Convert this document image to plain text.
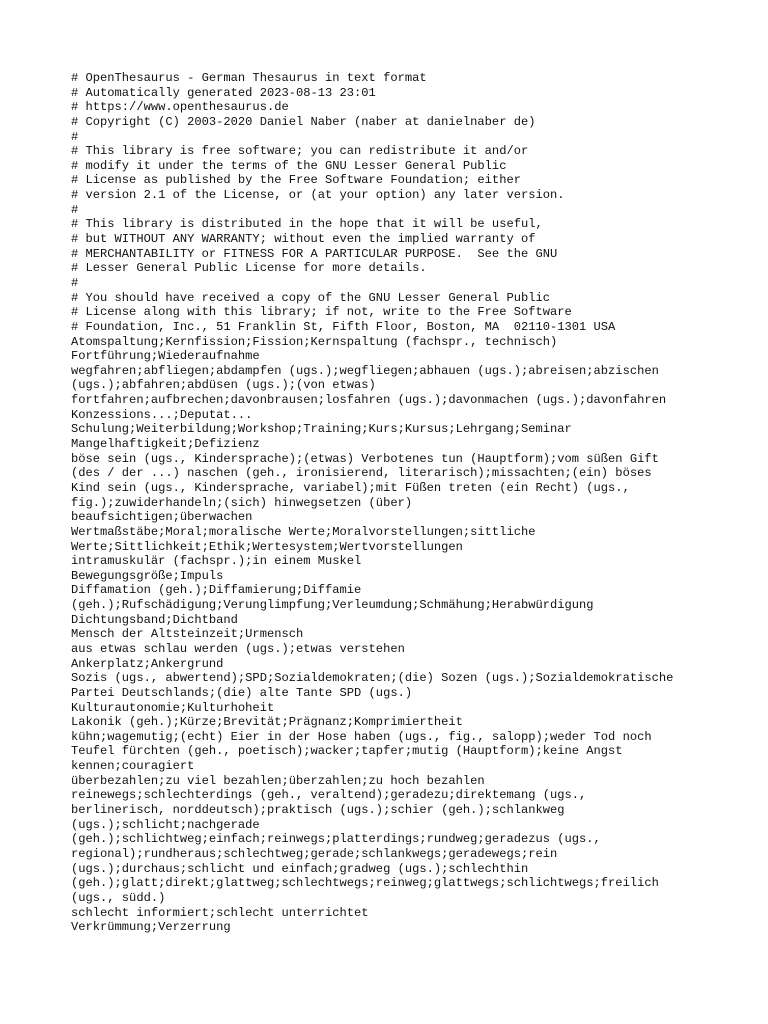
# OpenThesaurus - German Thesaurus in text format
# Automatically generated 2023-08-13 23:01
# https://www.openthesaurus.de
# Copyright (C) 2003-2020 Daniel Naber (naber at danielnaber de)
#
# This library is free software; you can redistribute it and/or
# modify it under the terms of the GNU Lesser General Public
# License as published by the Free Software Foundation; either
# version 2.1 of the License, or (at your option) any later version.
#
# This library is distributed in the hope that it will be useful,
# but WITHOUT ANY WARRANTY; without even the implied warranty of
# MERCHANTABILITY or FITNESS FOR A PARTICULAR PURPOSE.  See the GNU
# Lesser General Public License for more details.
#
# You should have received a copy of the GNU Lesser General Public
# License along with this library; if not, write to the Free Software
# Foundation, Inc., 51 Franklin St, Fifth Floor, Boston, MA  02110-1301 USA
Atomspaltung;Kernfission;Fission;Kernspaltung (fachspr., technisch)
Fortführung;Wiederaufnahme
wegfahren;abfliegen;abdampfen (ugs.);wegfliegen;abhauen (ugs.);abreisen;abzischen
(ugs.);abfahren;abdüsen (ugs.);(von etwas)
fortfahren;aufbrechen;davonbrausen;losfahren (ugs.);davonmachen (ugs.);davonfahren
Konzessions...;Deputat...
Schulung;Weiterbildung;Workshop;Training;Kurs;Kursus;Lehrgang;Seminar
Mangelhaftigkeit;Defizienz
böse sein (ugs., Kindersprache);(etwas) Verbotenes tun (Hauptform);vom süßen Gift
(des / der ...) naschen (geh., ironisierend, literarisch);missachten;(ein) böses
Kind sein (ugs., Kindersprache, variabel);mit Füßen treten (ein Recht) (ugs.,
fig.);zuwiderhandeln;(sich) hinwegsetzen (über)
beaufsichtigen;überwachen
Wertmaßstäbe;Moral;moralische Werte;Moralvorstellungen;sittliche
Werte;Sittlichkeit;Ethik;Wertesystem;Wertvorstellungen
intramuskulär (fachspr.);in einem Muskel
Bewegungsgröße;Impuls
Diffamation (geh.);Diffamierung;Diffamie
(geh.);Rufschädigung;Verunglimpfung;Verleumdung;Schmähung;Herabwürdigung
Dichtungsband;Dichtband
Mensch der Altsteinzeit;Urmensch
aus etwas schlau werden (ugs.);etwas verstehen
Ankerplatz;Ankergrund
Sozis (ugs., abwertend);SPD;Sozialdemokraten;(die) Sozen (ugs.);Sozialdemokratische
Partei Deutschlands;(die) alte Tante SPD (ugs.)
Kulturautonomie;Kulturhoheit
Lakonik (geh.);Kürze;Brevität;Prägnanz;Komprimiertheit
kühn;wagemutig;(echt) Eier in der Hose haben (ugs., fig., salopp);weder Tod noch
Teufel fürchten (geh., poetisch);wacker;tapfer;mutig (Hauptform);keine Angst
kennen;couragiert
überbezahlen;zu viel bezahlen;überzahlen;zu hoch bezahlen
reinewegs;schlechterdings (geh., veraltend);geradezu;direktemang (ugs.,
berlinerisch, norddeutsch);praktisch (ugs.);schier (geh.);schlankweg
(ugs.);schlicht;nachgerade
(geh.);schlichtweg;einfach;reinwegs;platterdings;rundweg;geradezus (ugs.,
regional);rundheraus;schlechtweg;gerade;schlankwegs;geradewegs;rein
(ugs.);durchaus;schlicht und einfach;gradweg (ugs.);schlechthin
(geh.);glatt;direkt;glattweg;schlechtwegs;reinweg;glattwegs;schlichtwegs;freilich
(ugs., südd.)
schlecht informiert;schlecht unterrichtet
Verkrümmung;Verzerrung
